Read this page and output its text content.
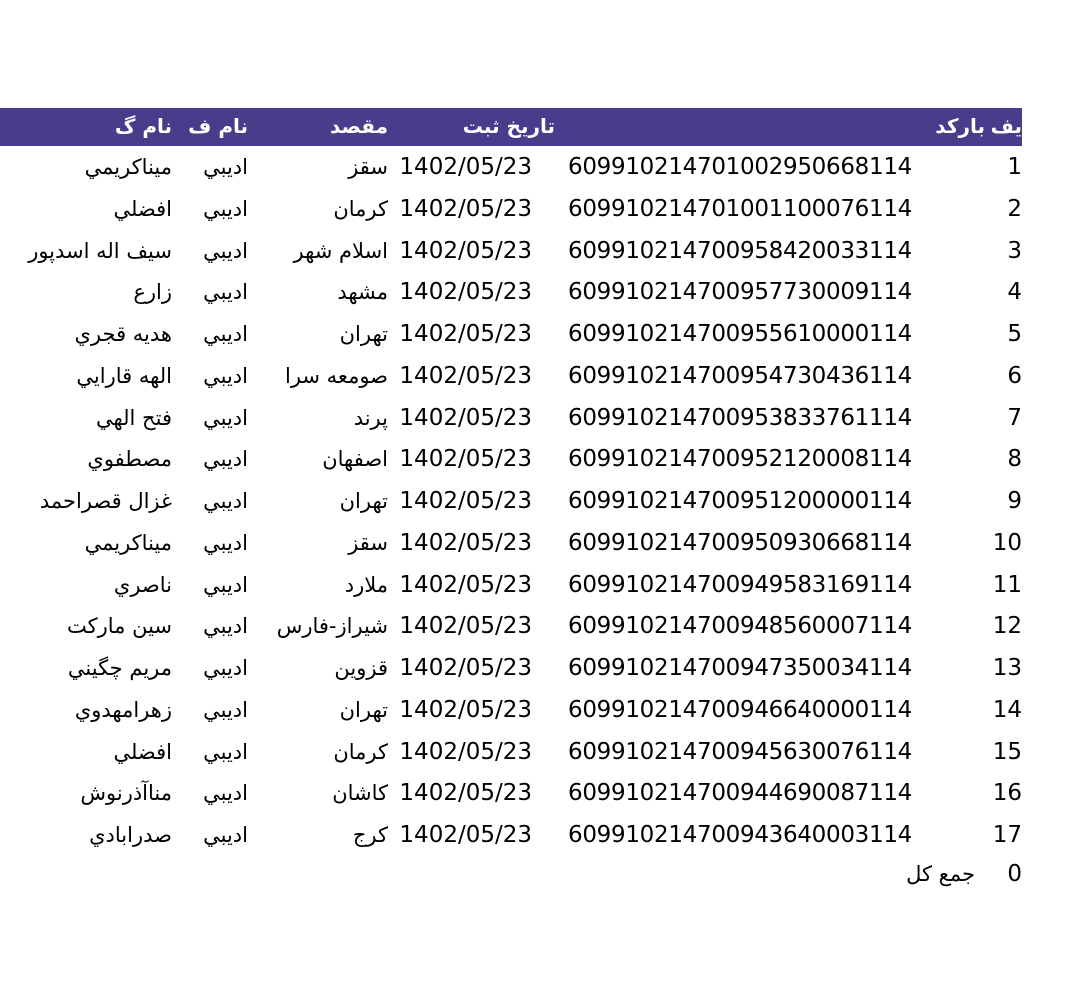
يف
بارکد
تاريخ ثبت
مقصد
نام ف
نام گ
1
609910214701002950668114
1402/05/23
سقز
اديبي
ميناكريمي
2
609910214701001100076114
1402/05/23
کرمان
اديبي
افضلي
3
609910214700958420033114
1402/05/23
اسلام شهر
اديبي
سيف اله اسدپور
4
609910214700957730009114
1402/05/23
مشهد
اديبي
زارع
5
609910214700955610000114
1402/05/23
تهران
اديبي
هديه قجري
6
609910214700954730436114
1402/05/23
صومعه سرا
اديبي
الهه قارايي
7
609910214700953833761114
1402/05/23
پرند
اديبي
فتح الهي
8
609910214700952120008114
1402/05/23
اصفهان
اديبي
مصطفوي
9
609910214700951200000114
1402/05/23
تهران
اديبي
غزال قصراحمد
10
609910214700950930668114
1402/05/23
سقز
اديبي
ميناكريمي
11
609910214700949583169114
1402/05/23
ملارد
اديبي
ناصري
12
609910214700948560007114
1402/05/23
شيراز-فارس
اديبي
سين ماركت
13
609910214700947350034114
1402/05/23
قزوين
اديبي
مريم چگيني
14
609910214700946640000114
1402/05/23
تهران
اديبي
زهرامهدوي
15
609910214700945630076114
1402/05/23
کرمان
اديبي
افضلي
16
609910214700944690087114
1402/05/23
کاشان
اديبي
مناآذرنوش
17
609910214700943640003114
1402/05/23
کرج
اديبي
صدرابادي
0
جمع کل
